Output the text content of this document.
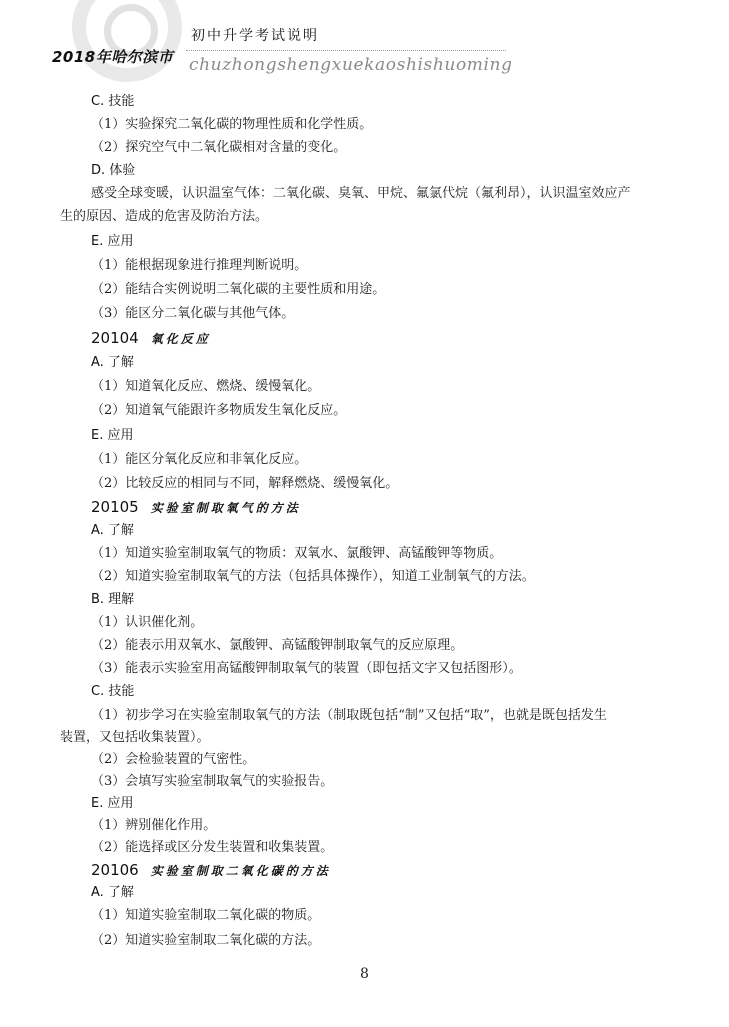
2018年哈尔滨市
初中升学考试说明
chuzhongshengxuekaoshishuoming
C. 技能
（1）实验探究二氧化碳的物理性质和化学性质。
（2）探究空气中二氧化碳相对含量的变化。
D. 体验
感受全球变暖，认识温室气体：二氧化碳、臭氧、甲烷、氟氯代烷（氟利昂），认识温室效应产
生的原因、造成的危害及防治方法。
E. 应用
（1）能根据现象进行推理判断说明。
（2）能结合实例说明二氧化碳的主要性质和用途。
（3）能区分二氧化碳与其他气体。
20104 氧化反应
A. 了解
（1）知道氧化反应、燃烧、缓慢氧化。
（2）知道氧气能跟许多物质发生氧化反应。
E. 应用
（1）能区分氧化反应和非氧化反应。
（2）比较反应的相同与不同，解释燃烧、缓慢氧化。
20105 实验室制取氧气的方法
A. 了解
（1）知道实验室制取氧气的物质：双氧水、氯酸钾、高锰酸钾等物质。
（2）知道实验室制取氧气的方法（包括具体操作），知道工业制氧气的方法。
B. 理解
（1）认识催化剂。
（2）能表示用双氧水、氯酸钾、高锰酸钾制取氧气的反应原理。
（3）能表示实验室用高锰酸钾制取氧气的装置（即包括文字又包括图形）。
C. 技能
（1）初步学习在实验室制取氧气的方法（制取既包括“制”又包括“取”，也就是既包括发生
装置，又包括收集装置）。
（2）会检验装置的气密性。
（3）会填写实验室制取氧气的实验报告。
E. 应用
（1）辨别催化作用。
（2）能选择或区分发生装置和收集装置。
20106 实验室制取二氧化碳的方法
A. 了解
（1）知道实验室制取二氧化碳的物质。
（2）知道实验室制取二氧化碳的方法。
8
